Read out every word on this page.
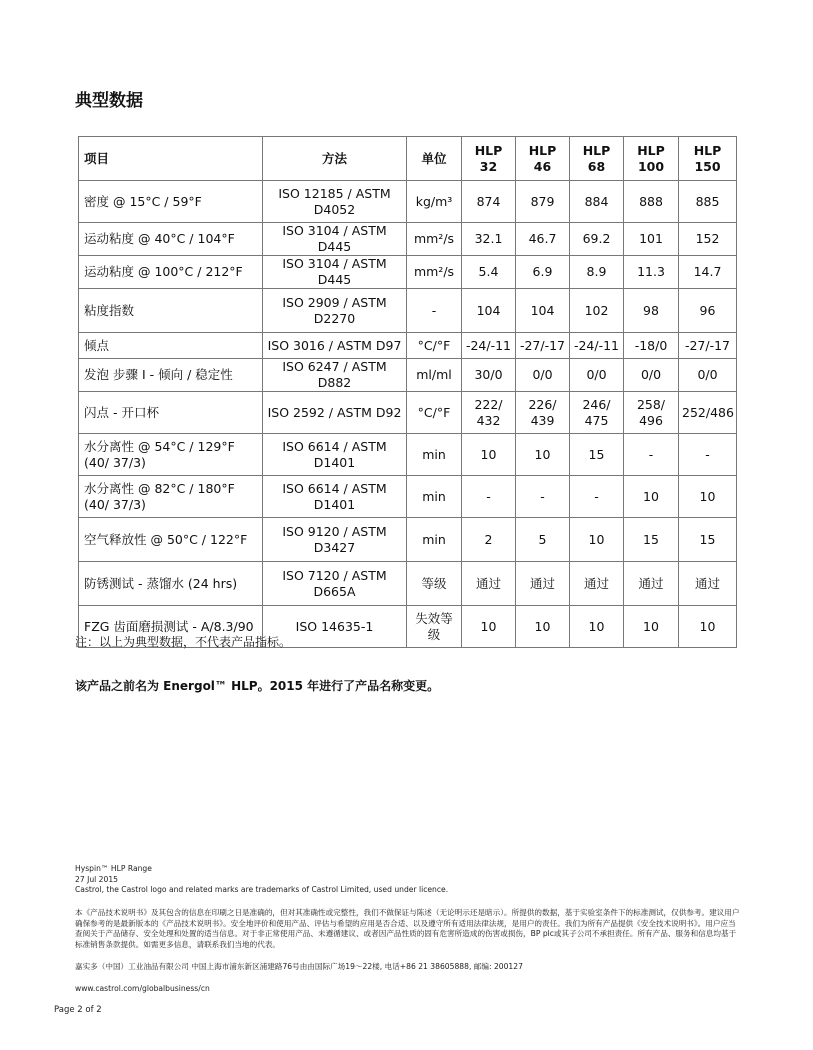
典型数据
项目	方法	单位	HLP 32	HLP 46	HLP 68	HLP 100	HLP 150
密度 @ 15°C / 59°F	ISO 12185 / ASTM D4052	kg/m³	874	879	884	888	885
运动粘度 @ 40°C / 104°F	ISO 3104 / ASTM D445	mm²/s	32.1	46.7	69.2	101	152
运动粘度 @ 100°C / 212°F	ISO 3104 / ASTM D445	mm²/s	5.4	6.9	8.9	11.3	14.7
粘度指数	ISO 2909 / ASTM D2270	-	104	104	102	98	96
倾点	ISO 3016 / ASTM D97	°C/°F	-24/-11	-27/-17	-24/-11	-18/0	-27/-17
发泡 步骤 I - 倾向 / 稳定性	ISO 6247 / ASTM D882	ml/ml	30/0	0/0	0/0	0/0	0/0
闪点 - 开口杯	ISO 2592 / ASTM D92	°C/°F	222/ 432	226/ 439	246/ 475	258/ 496	252/486
水分离性 @ 54°C / 129°F (40/ 37/3)	ISO 6614 / ASTM D1401	min	10	10	15	-	-
水分离性 @ 82°C / 180°F (40/ 37/3)	ISO 6614 / ASTM D1401	min	-	-	-	10	10
空气释放性 @ 50°C / 122°F	ISO 9120 / ASTM D3427	min	2	5	10	15	15
防锈测试 - 蒸馏水 (24 hrs)	ISO 7120 / ASTM D665A	等级	通过	通过	通过	通过	通过
FZG 齿面磨损测试 - A/8.3/90	ISO 14635-1	失效等 级	10	10	10	10	10
注：以上为典型数据，不代表产品指标。
该产品之前名为 Energol™ HLP。2015 年进行了产品名称变更。
Hyspin™ HLP Range
27 Jul 2015
Castrol, the Castrol logo and related marks are trademarks of Castrol Limited, used under licence.
本《产品技术说明书》及其包含的信息在印刷之日是准确的，但对其准确性或完整性，我们不做保证与陈述（无论明示还是暗示）。所提供的数据，基于实验室条件下的标准测试，仅供参考。建议用户确保参考的是最新版本的《产品技术说明书》。安全地评价和使用产品、评估与希望的应用是否合适、以及遵守所有适用法律法规，是用户的责任。我们为所有产品提供《安全技术说明书》。用户应当查阅关于产品储存、安全处理和处置的适当信息。对于非正常使用产品、未遵循建议、或者因产品性质的固有危害所造成的伤害或损伤，BP plc或其子公司不承担责任。所有产品、服务和信息均基于标准销售条款提供。如需更多信息，请联系我们当地的代表。
嘉实多（中国）工业油品有限公司 中国上海市浦东新区浦建路76号由由国际广场19～22楼, 电话+86 21 38605888, 邮编: 200127
www.castrol.com/globalbusiness/cn
Page 2 of 2
